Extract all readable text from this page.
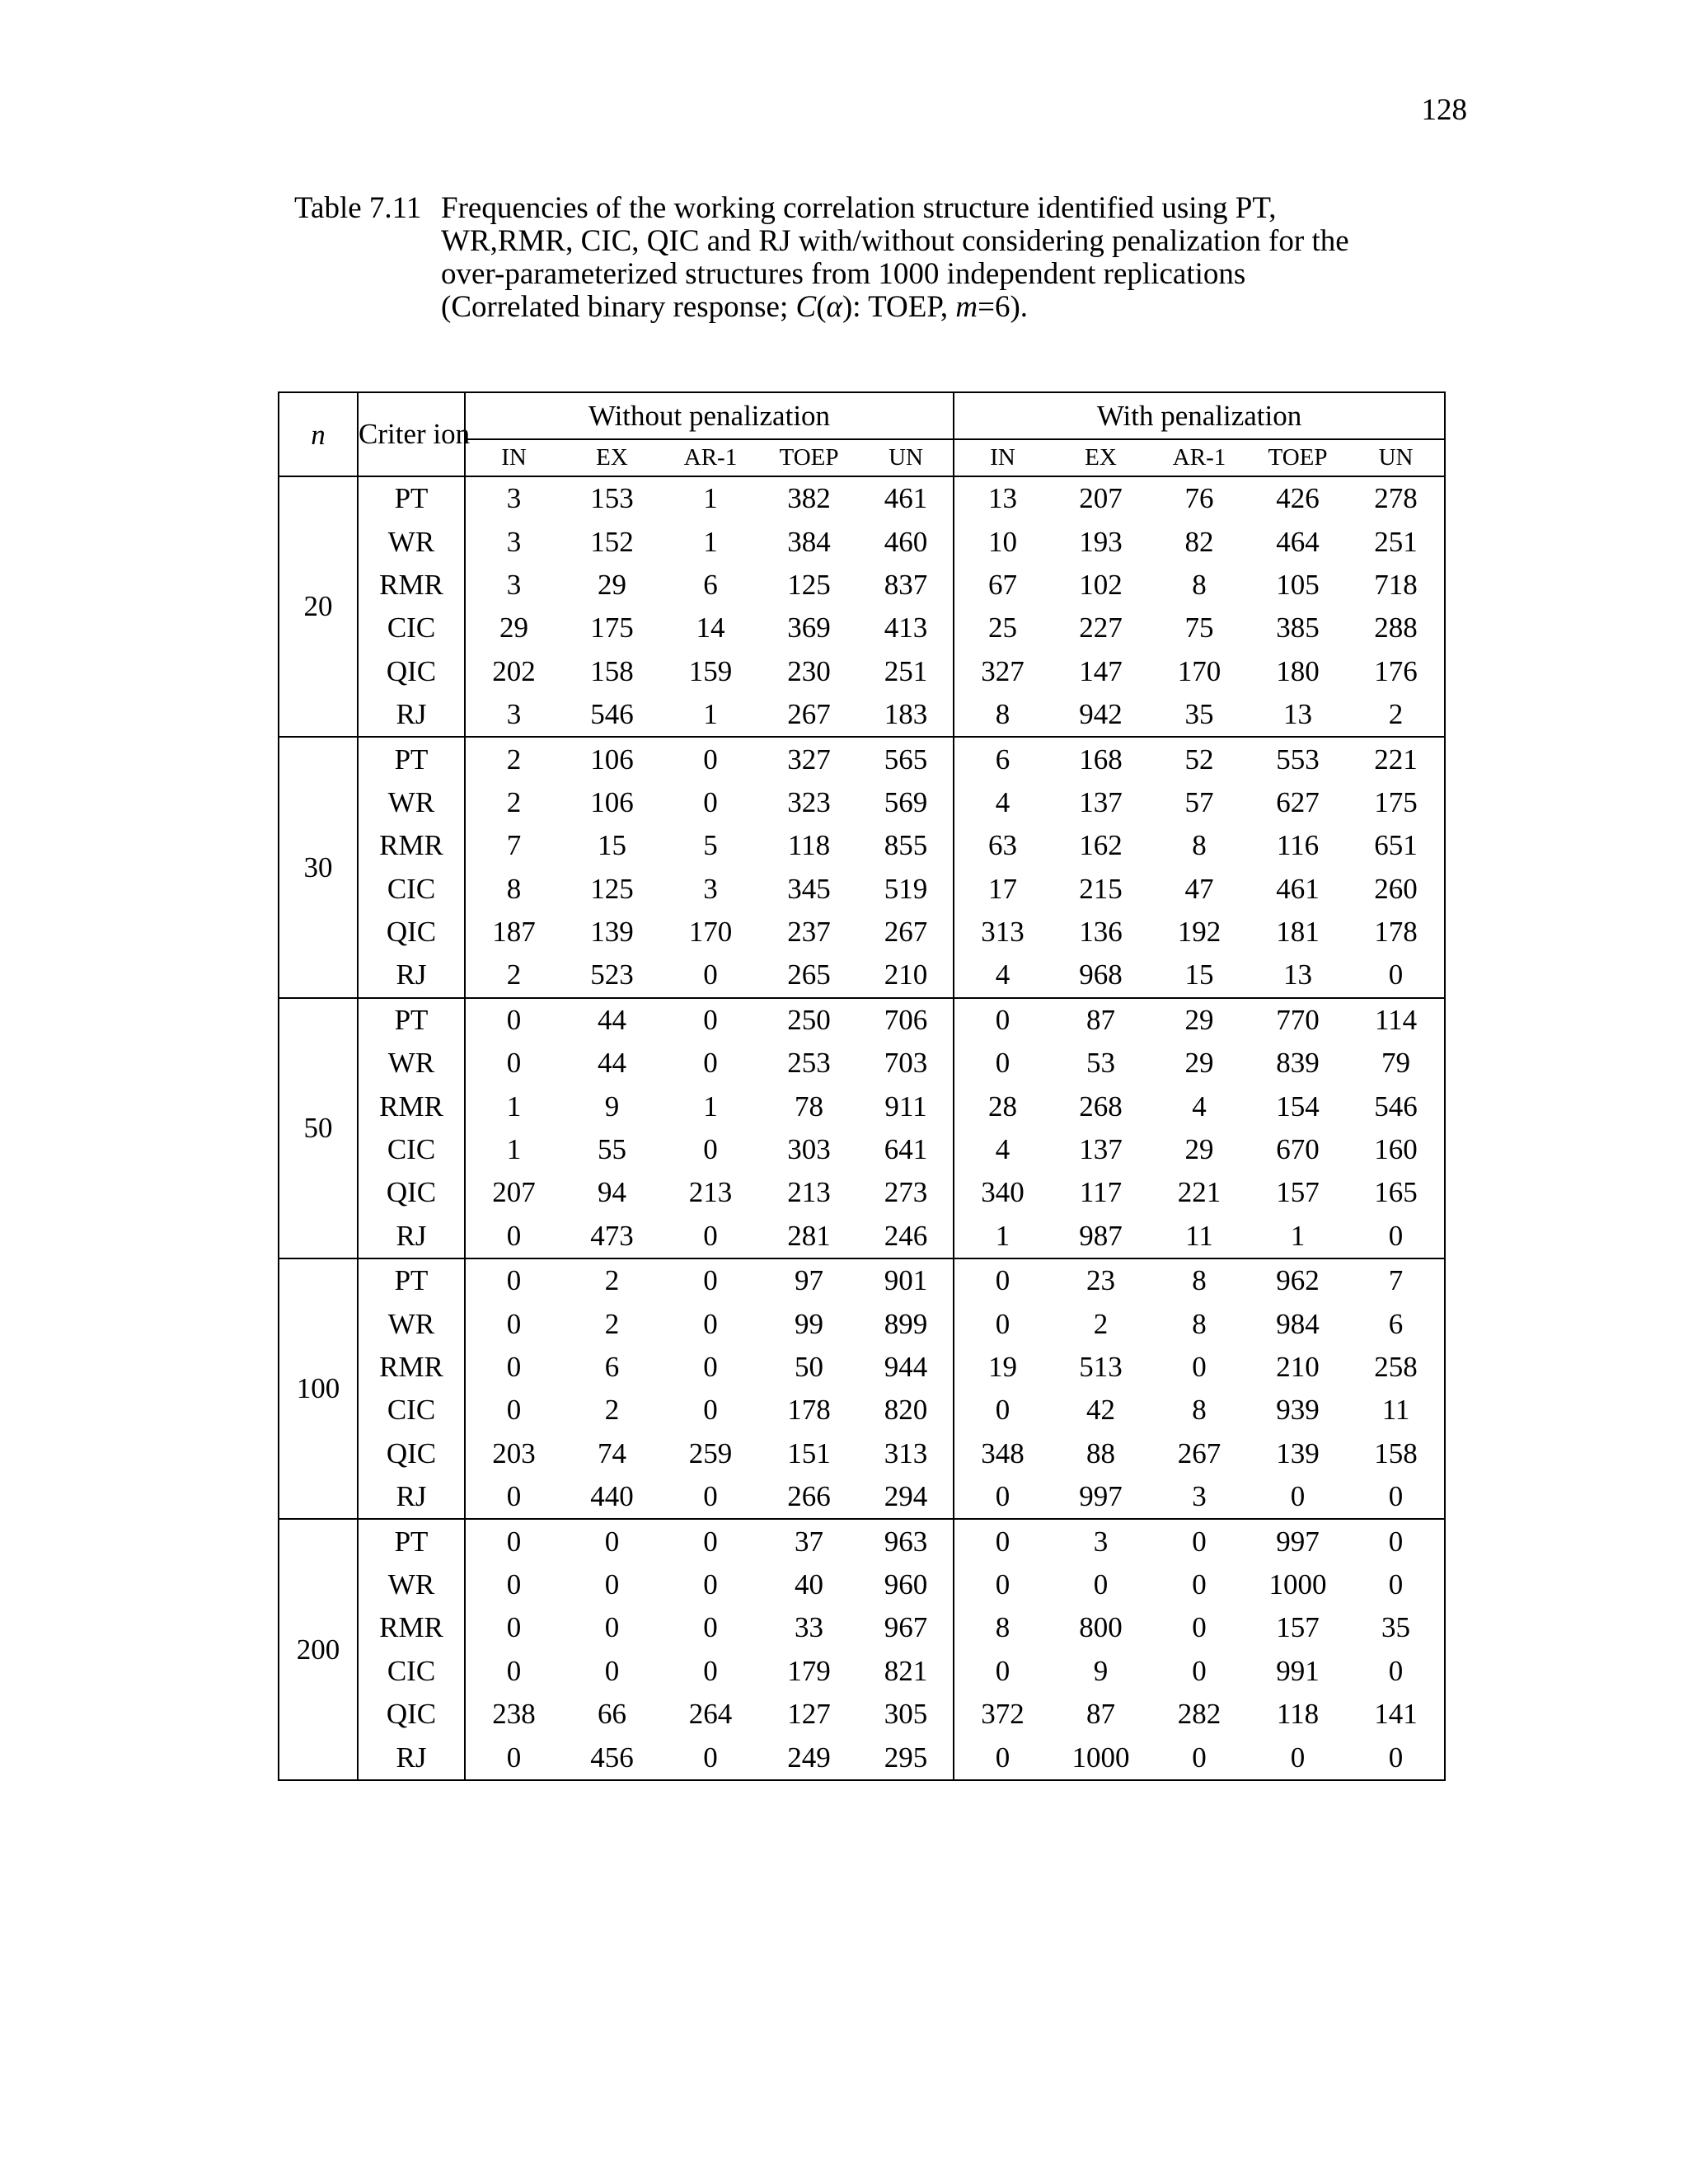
128
Table 7.11 Frequencies of the working correlation structure identified using PT,
WR,RMR, CIC, QIC and RJ with/without considering penalization for the
over-parameterized structures from 1000 independent replications
(Correlated binary response; C(α): TOEP, m=6).
n	Criter ion	Without penalization					With penalization				
		IN	EX	AR-1	TOEP	UN	IN	EX	AR-1	TOEP	UN
20	PT	3	153	1	382	461	13	207	76	426	278
	WR	3	152	1	384	460	10	193	82	464	251
	RMR	3	29	6	125	837	67	102	8	105	718
	CIC	29	175	14	369	413	25	227	75	385	288
	QIC	202	158	159	230	251	327	147	170	180	176
	RJ	3	546	1	267	183	8	942	35	13	2
30	PT	2	106	0	327	565	6	168	52	553	221
	WR	2	106	0	323	569	4	137	57	627	175
	RMR	7	15	5	118	855	63	162	8	116	651
	CIC	8	125	3	345	519	17	215	47	461	260
	QIC	187	139	170	237	267	313	136	192	181	178
	RJ	2	523	0	265	210	4	968	15	13	0
50	PT	0	44	0	250	706	0	87	29	770	114
	WR	0	44	0	253	703	0	53	29	839	79
	RMR	1	9	1	78	911	28	268	4	154	546
	CIC	1	55	0	303	641	4	137	29	670	160
	QIC	207	94	213	213	273	340	117	221	157	165
	RJ	0	473	0	281	246	1	987	11	1	0
100	PT	0	2	0	97	901	0	23	8	962	7
	WR	0	2	0	99	899	0	2	8	984	6
	RMR	0	6	0	50	944	19	513	0	210	258
	CIC	0	2	0	178	820	0	42	8	939	11
	QIC	203	74	259	151	313	348	88	267	139	158
	RJ	0	440	0	266	294	0	997	3	0	0
200	PT	0	0	0	37	963	0	3	0	997	0
	WR	0	0	0	40	960	0	0	0	1000	0
	RMR	0	0	0	33	967	8	800	0	157	35
	CIC	0	0	0	179	821	0	9	0	991	0
	QIC	238	66	264	127	305	372	87	282	118	141
	RJ	0	456	0	249	295	0	1000	0	0	0
